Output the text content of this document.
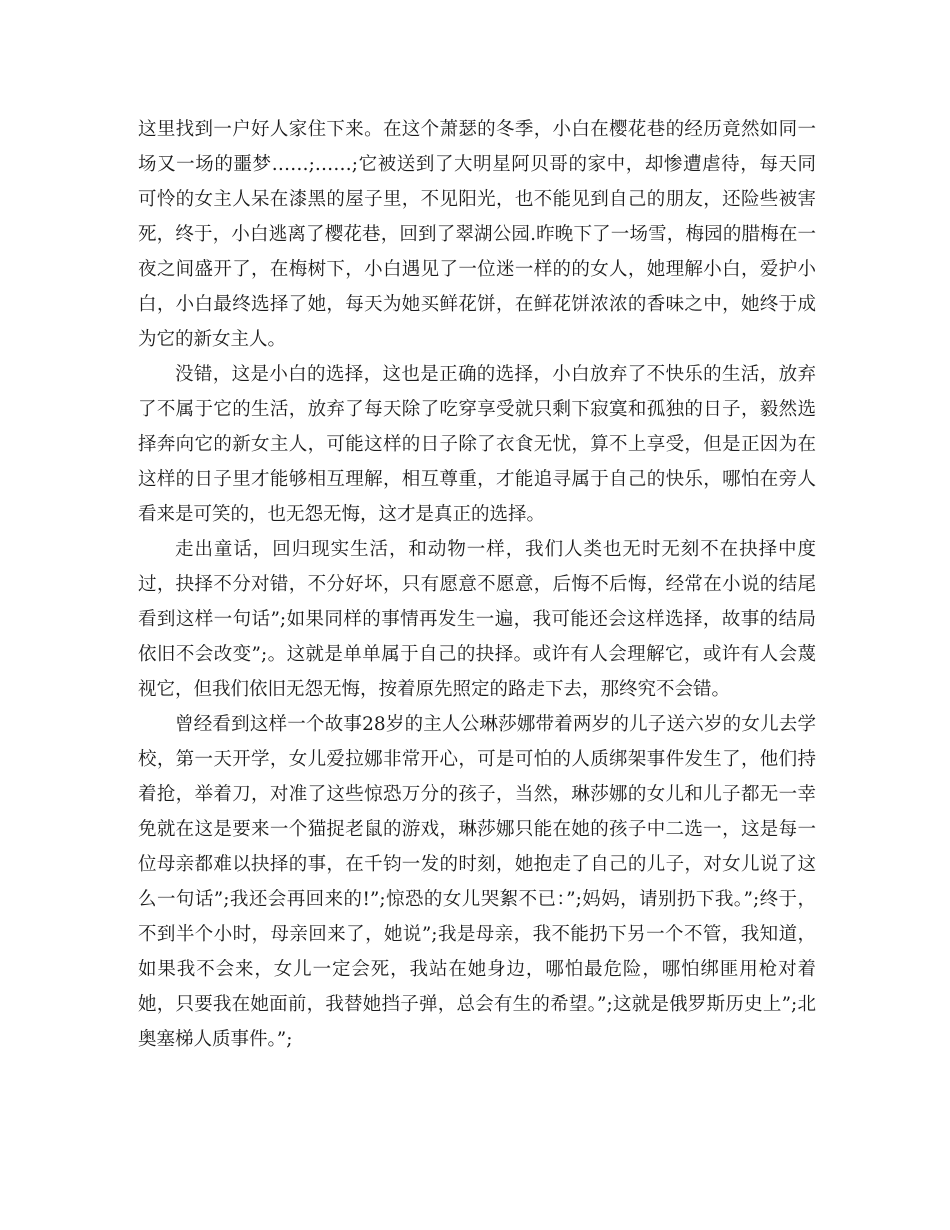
这里找到一户好人家住下来。在这个萧瑟的冬季，小白在樱花巷的经历竟然如同一场又一场的噩梦……;……;它被送到了大明星阿贝哥的家中，却惨遭虐待，每天同可怜的女主人呆在漆黑的屋子里，不见阳光，也不能见到自己的朋友，还险些被害死，终于，小白逃离了樱花巷，回到了翠湖公园.昨晚下了一场雪，梅园的腊梅在一夜之间盛开了，在梅树下，小白遇见了一位迷一样的的女人，她理解小白，爱护小白，小白最终选择了她，每天为她买鲜花饼，在鲜花饼浓浓的香味之中，她终于成为它的新女主人。

没错，这是小白的选择，这也是正确的选择，小白放弃了不快乐的生活，放弃了不属于它的生活，放弃了每天除了吃穿享受就只剩下寂寞和孤独的日子，毅然选择奔向它的新女主人，可能这样的日子除了衣食无忧，算不上享受，但是正因为在这样的日子里才能够相互理解，相互尊重，才能追寻属于自己的快乐，哪怕在旁人看来是可笑的，也无怨无悔，这才是真正的选择。

走出童话，回归现实生活，和动物一样，我们人类也无时无刻不在抉择中度过，抉择不分对错，不分好坏，只有愿意不愿意，后悔不后悔，经常在小说的结尾看到这样一句话”;如果同样的事情再发生一遍，我可能还会这样选择，故事的结局依旧不会改变”;。这就是单单属于自己的抉择。或许有人会理解它，或许有人会蔑视它，但我们依旧无怨无悔，按着原先照定的路走下去，那终究不会错。

曾经看到这样一个故事28岁的主人公琳莎娜带着两岁的儿子送六岁的女儿去学校，第一天开学，女儿爱拉娜非常开心，可是可怕的人质绑架事件发生了，他们持着抢，举着刀，对准了这些惊恐万分的孩子，当然，琳莎娜的女儿和儿子都无一幸免就在这是要来一个猫捉老鼠的游戏，琳莎娜只能在她的孩子中二选一，这是每一位母亲都难以抉择的事，在千钧一发的时刻，她抱走了自己的儿子，对女儿说了这么一句话”;我还会再回来的!”;惊恐的女儿哭絮不已：”;妈妈，请别扔下我。”;终于，不到半个小时，母亲回来了，她说”;我是母亲，我不能扔下另一个不管，我知道，如果我不会来，女儿一定会死，我站在她身边，哪怕最危险，哪怕绑匪用枪对着她，只要我在她面前，我替她挡子弹，总会有生的希望。”;这就是俄罗斯历史上”;北奥塞梯人质事件。”;
